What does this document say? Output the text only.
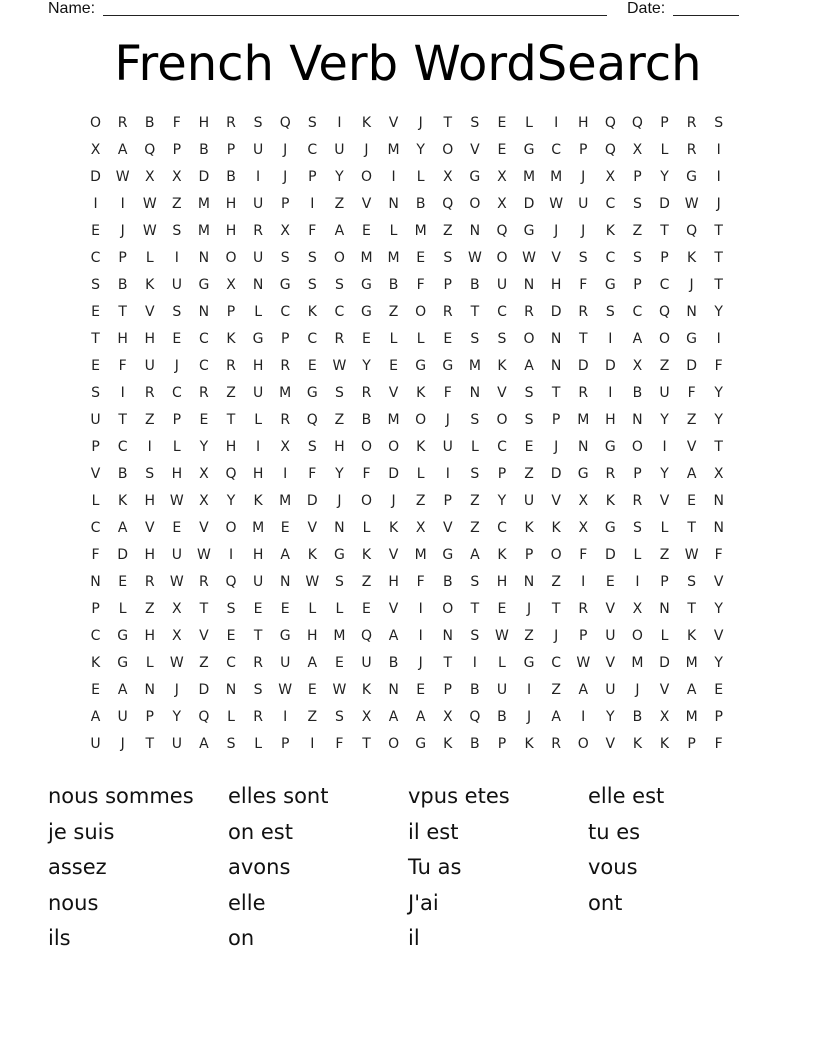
Name:	Date:
French Verb WordSearch
O	R	B	F	H	R	S	Q	S	I	K	V	J	T	S	E	L	I	H	Q	Q	P	R	S
X	A	Q	P	B	P	U	J	C	U	J	M	Y	O	V	E	G	C	P	Q	X	L	R	I
D	W	X	X	D	B	I	J	P	Y	O	I	L	X	G	X	M	M	J	X	P	Y	G	I
I	I	W	Z	M	H	U	P	I	Z	V	N	B	Q	O	X	D	W	U	C	S	D	W	J
E	J	W	S	M	H	R	X	F	A	E	L	M	Z	N	Q	G	J	J	K	Z	T	Q	T
C	P	L	I	N	O	U	S	S	O	M	M	E	S	W	O	W	V	S	C	S	P	K	T
S	B	K	U	G	X	N	G	S	S	G	B	F	P	B	U	N	H	F	G	P	C	J	T
E	T	V	S	N	P	L	C	K	C	G	Z	O	R	T	C	R	D	R	S	C	Q	N	Y
T	H	H	E	C	K	G	P	C	R	E	L	L	E	S	S	O	N	T	I	A	O	G	I
E	F	U	J	C	R	H	R	E	W	Y	E	G	G	M	K	A	N	D	D	X	Z	D	F
S	I	R	C	R	Z	U	M	G	S	R	V	K	F	N	V	S	T	R	I	B	U	F	Y
U	T	Z	P	E	T	L	R	Q	Z	B	M	O	J	S	O	S	P	M	H	N	Y	Z	Y
P	C	I	L	Y	H	I	X	S	H	O	O	K	U	L	C	E	J	N	G	O	I	V	T
V	B	S	H	X	Q	H	I	F	Y	F	D	L	I	S	P	Z	D	G	R	P	Y	A	X
L	K	H	W	X	Y	K	M	D	J	O	J	Z	P	Z	Y	U	V	X	K	R	V	E	N
C	A	V	E	V	O	M	E	V	N	L	K	X	V	Z	C	K	K	X	G	S	L	T	N
F	D	H	U	W	I	H	A	K	G	K	V	M	G	A	K	P	O	F	D	L	Z	W	F
N	E	R	W	R	Q	U	N	W	S	Z	H	F	B	S	H	N	Z	I	E	I	P	S	V
P	L	Z	X	T	S	E	E	L	L	E	V	I	O	T	E	J	T	R	V	X	N	T	Y
C	G	H	X	V	E	T	G	H	M	Q	A	I	N	S	W	Z	J	P	U	O	L	K	V
K	G	L	W	Z	C	R	U	A	E	U	B	J	T	I	L	G	C	W	V	M	D	M	Y
E	A	N	J	D	N	S	W	E	W	K	N	E	P	B	U	I	Z	A	U	J	V	A	E
A	U	P	Y	Q	L	R	I	Z	S	X	A	A	X	Q	B	J	A	I	Y	B	X	M	P
U	J	T	U	A	S	L	P	I	F	T	O	G	K	B	P	K	R	O	V	K	K	P	F
nous sommes	elles sont	vpus etes	elle est
je suis	on est	il est	tu es
assez	avons	Tu as	vous
nous	elle	J'ai	ont
ils	on	il
